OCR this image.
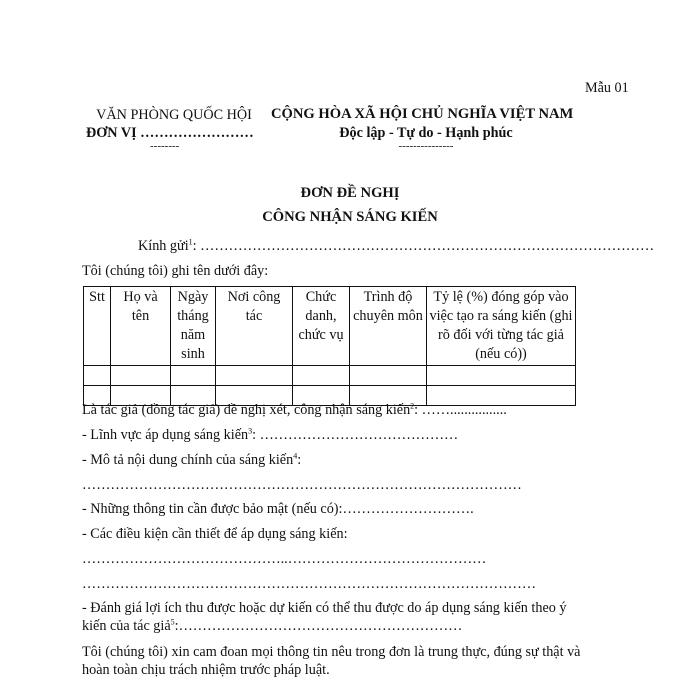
Mẫu 01
VĂN PHÒNG QUỐC HỘI
ĐƠN VỊ ……………………
--------
CỘNG HÒA XÃ HỘI CHỦ NGHĨA VIỆT NAM
Độc lập - Tự do - Hạnh phúc
---------------
ĐƠN ĐỀ NGHỊ
CÔNG NHẬN SÁNG KIẾN
Kính gửi$^1$: ……………………………………………………………………………………
Tôi (chúng tôi) ghi tên dưới đây:
Stt	Họ và tên	Ngày tháng năm sinh	Nơi công tác	Chức danh, chức vụ	Trình độ chuyên môn	Tỷ lệ (%) đóng góp vào việc tạo ra sáng kiến (ghi rõ đối với từng tác giả (nếu có))

Là tác giả (đồng tác giả) đề nghị xét, công nhận sáng kiến$^2$: ……................
- Lĩnh vực áp dụng sáng kiến$^3$: ……………………………………
- Mô tả nội dung chính của sáng kiến$^4$:
…………………………………………………………………………………
- Những thông tin cần được bảo mật (nếu có):……………………….
- Các điều kiện cần thiết để áp dụng sáng kiến:
……………………………………..……………………………………
……………………………………………………………………………………
- Đánh giá lợi ích thu được hoặc dự kiến có thể thu được do áp dụng sáng kiến theo ý
kiến của tác giả$^5$:……………………………………………………
Tôi (chúng tôi) xin cam đoan mọi thông tin nêu trong đơn là trung thực, đúng sự thật và
hoàn toàn chịu trách nhiệm trước pháp luật.
